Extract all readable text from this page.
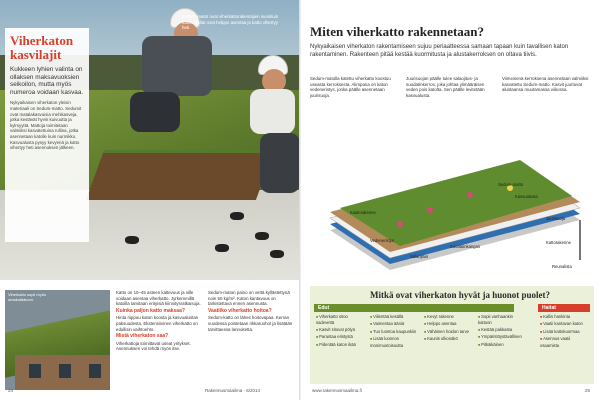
Sedum-matot ovat viherkattorakentajien suosituin tuote. Rullat ovat helppo asentaa ja katto vihertyy heti.
Viherkaton kasvilajit

Kukkeen lyhien valinta on ollaksen maksavuoksien seikoilon, mutta myös numeroa voidaan kasvaa.

Nykyaikaisen viherkaton yleisin materiaali on Sedum-matto. Sedumit ovat matalakasvuisia mehikasveja, jotka kestävät hyvin kuivuutta ja kylmyyttä. Mattoja toimitetaan valmiiksi kasvatettuina rullina, jotka asennetaan katolle kuin nurmikko. Kasvualusta pysyy kevyenä ja katto vihertyy heti asennuksen jälkeen.

Viherkatto sopii myös omakotitaloon.
Katto on 10–45 asteen kaltevuus ja sille voidaan asentaa viherkatto. Jyrkemmillä katoilla tarvitaan erityisiä kiinnitysratkaisuja.
Kuinka paljon katto maksaa?
Hinta riippuu katon koosta ja kasvualustan paksuudesta. Ekstensiivinen viherkatto on edullisin vaihtoehto.
Mistä viherkaton saa?
Viherkattoja toimittavat useat yritykset. Asennuksen voi tehdä myös itse.
Sedum-maton paino on vettä kyllästettynä noin 50 kg/m². Katon kantavuus on tarkistettava ennen asennusta.
Vaatiiko viherkatto hoitoa?
Sedum-katto on lähes hoitovapaa. Kerran vuodessa poistetaan rikkaruohot ja lisätään tarvittaessa lannoitetta.
24	Rakennusmaailma · 6/2014
Miten viherkatto rakennetaan?

Nykyaikaisen viherkaton rakentamiseen sujuu periaatteessa samaan tapaan kuin tavallisen katon rakentaminen. Rakenteen pitää kestää kuormitusta ja alustakerroksen on oltava tiivis.

Sedum-matolla katettu viherkatto koostuu useasta kerroksesta. Alimpana on katon vedeneristys, jonka päälle asennetaan juurisuoja.
Juurisuojan päälle tulee salaojitus- ja suodatinkerros, joka johtaa ylimääräisen veden pois katolta. Sen päälle levitetään kasvualusta.
Viimeisenä kerroksena asennetaan valmiiksi kasvatettu Sedum-matto. Kasvit juurtuvat alustaansa muutamassa viikossa.
Sedum-matto
Kasvualusta
Kaiderakenne
Vedeneristys
Salaojitus
Suodatinkangas
Juurisuoja
Kattorakenne
Reunalista
Mitkä ovat viherkaton hyvät ja huonot puolet?
Edut	Haitat
■ Viherkatto sitoo sadevettä
■ Kasvit sitovat pölyä
■ Parantaa eristystä
■ Pidentää katon ikää
■ Viilentää kesällä
■ Vaimentaa ääniä
■ Tuo luontoa kaupunkiin
■ Lisää luonnon monimuotoisuutta
■ Kevyt rakenne
■ Helppo asentaa
■ Vähäinen hoidon tarve
■ Kaunis ulkonäkö
■ Sopii vanhaankin kattoon
■ Kestää pakkasta
■ Ympäristöystävällinen
■ Pitkäikäinen
■ Kallis hankinta
■ Vaatii kantavan katon
■ Lisää kattokuormaa
■ Asennus vaatii osaamista
www.rakennusmaailma.fi	25
